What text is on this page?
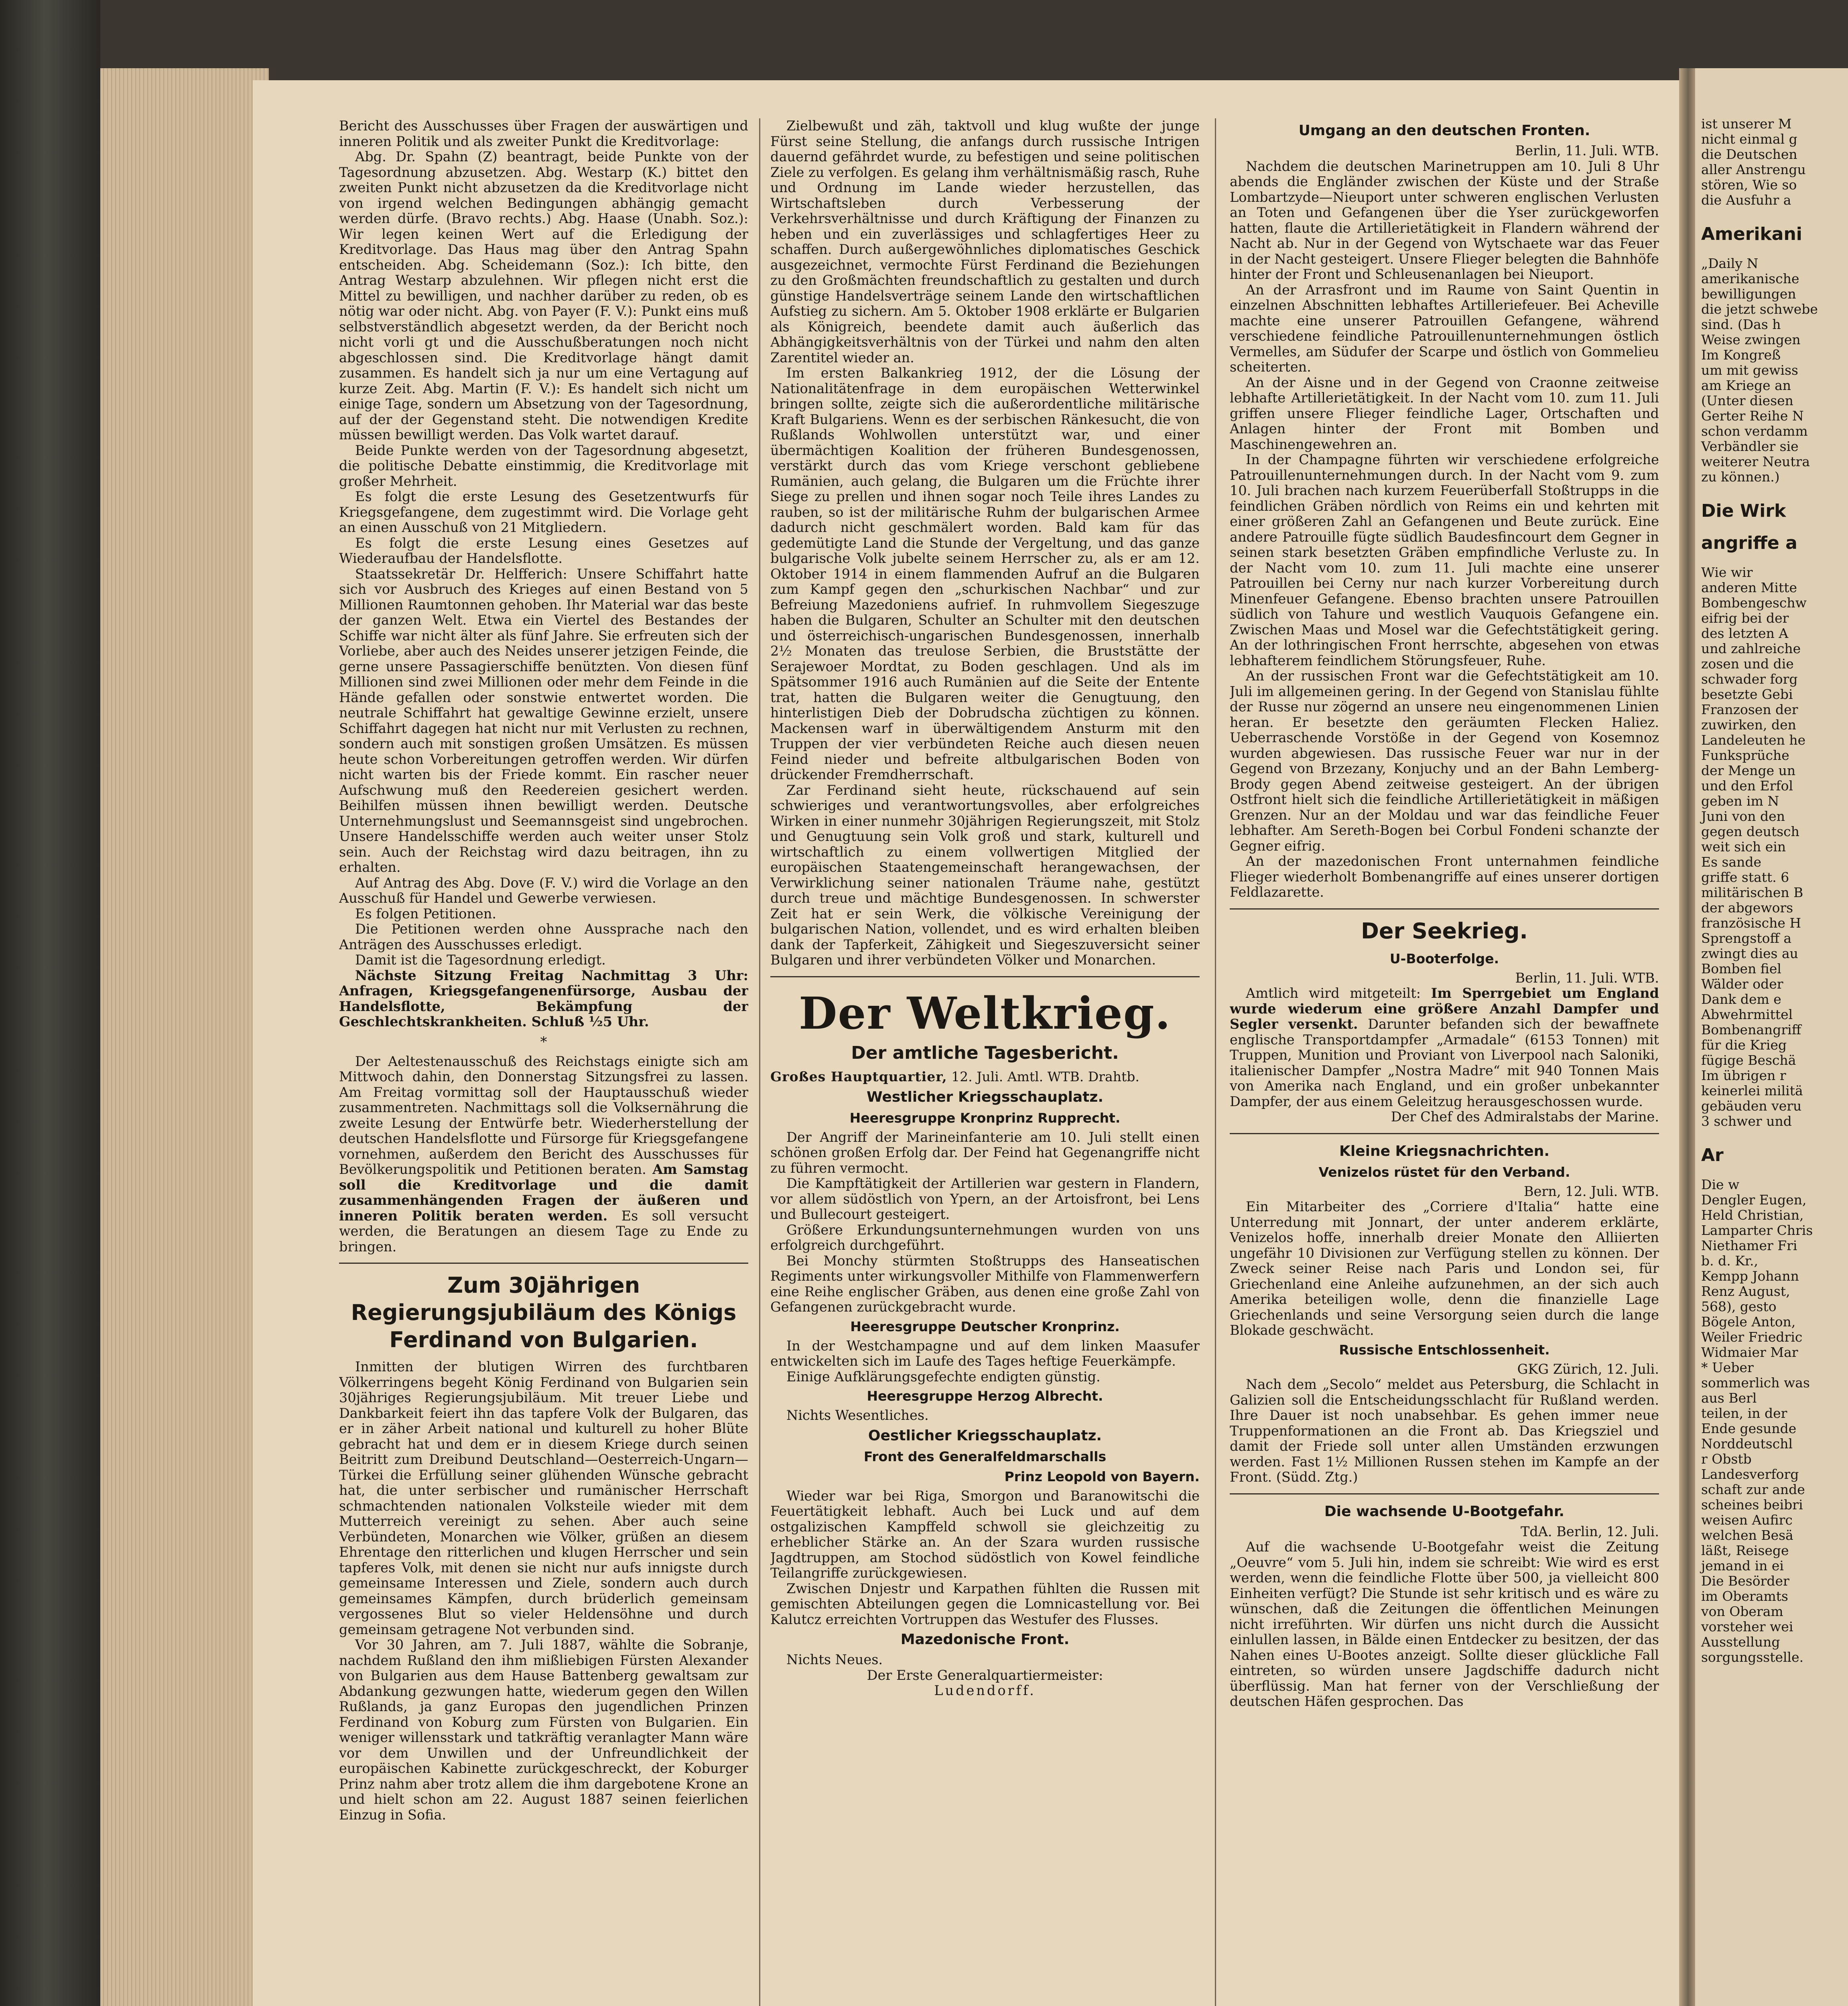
Bericht des Ausschusses über Fragen der auswärtigen und inneren Politik und als zweiter Punkt die Kreditvorlage:

Abg. Dr. Spahn (Z) beantragt, beide Punkte von der Tagesordnung abzusetzen. Abg. Westarp (K.) bittet den zweiten Punkt nicht abzusetzen da die Kreditvorlage nicht von irgend welchen Bedingungen abhängig gemacht werden dürfe. (Bravo rechts.) Abg. Haase (Unabh. Soz.): Wir legen keinen Wert auf die Erledigung der Kreditvorlage. Das Haus mag über den Antrag Spahn entscheiden. Abg. Scheidemann (Soz.): Ich bitte, den Antrag Westarp abzulehnen. Wir pflegen nicht erst die Mittel zu bewilligen, und nachher darüber zu reden, ob es nötig war oder nicht. Abg. von Payer (F. V.): Punkt eins muß selbstverständlich abgesetzt werden, da der Bericht noch nicht vorli gt und die Ausschußberatungen noch nicht abgeschlossen sind. Die Kreditvorlage hängt damit zusammen. Es handelt sich ja nur um eine Vertagung auf kurze Zeit. Abg. Martin (F. V.): Es handelt sich nicht um einige Tage, sondern um Absetzung von der Tagesordnung, auf der der Gegenstand steht. Die notwendigen Kredite müssen bewilligt werden. Das Volk wartet darauf.

Beide Punkte werden von der Tagesordnung abgesetzt, die politische Debatte einstimmig, die Kreditvorlage mit großer Mehrheit.

Es folgt die erste Lesung des Gesetzentwurfs für Kriegsgefangene, dem zugestimmt wird. Die Vorlage geht an einen Ausschuß von 21 Mitgliedern.

Es folgt die erste Lesung eines Gesetzes auf Wiederaufbau der Handelsflotte.

Staatssekretär Dr. Helfferich: Unsere Schiffahrt hatte sich vor Ausbruch des Krieges auf einen Bestand von 5 Millionen Raumtonnen gehoben. Ihr Material war das beste der ganzen Welt. Etwa ein Viertel des Bestandes der Schiffe war nicht älter als fünf Jahre. Sie erfreuten sich der Vorliebe, aber auch des Neides unserer jetzigen Feinde, die gerne unsere Passagierschiffe benützten. Von diesen fünf Millionen sind zwei Millionen oder mehr dem Feinde in die Hände gefallen oder sonstwie entwertet worden. Die neutrale Schiffahrt hat gewaltige Gewinne erzielt, unsere Schiffahrt dagegen hat nicht nur mit Verlusten zu rechnen, sondern auch mit sonstigen großen Umsätzen. Es müssen heute schon Vorbereitungen getroffen werden. Wir dürfen nicht warten bis der Friede kommt. Ein rascher neuer Aufschwung muß den Reedereien gesichert werden. Beihilfen müssen ihnen bewilligt werden. Deutsche Unternehmungslust und Seemannsgeist sind ungebrochen. Unsere Handelsschiffe werden auch weiter unser Stolz sein. Auch der Reichstag wird dazu beitragen, ihn zu erhalten.

Auf Antrag des Abg. Dove (F. V.) wird die Vorlage an den Ausschuß für Handel und Gewerbe verwiesen.

Es folgen Petitionen.

Die Petitionen werden ohne Aussprache nach den Anträgen des Ausschusses erledigt.

Damit ist die Tagesordnung erledigt.

Nächste Sitzung Freitag Nachmittag 3 Uhr: Anfragen, Kriegsgefangenenfürsorge, Ausbau der Handelsflotte, Bekämpfung der Geschlechtskrankheiten. Schluß ½5 Uhr.

*

Der Aeltestenausschuß des Reichstags einigte sich am Mittwoch dahin, den Donnerstag Sitzungsfrei zu lassen. Am Freitag vormittag soll der Hauptausschuß wieder zusammentreten. Nachmittags soll die Volksernährung die zweite Lesung der Entwürfe betr. Wiederherstellung der deutschen Handelsflotte und Fürsorge für Kriegsgefangene vornehmen, außerdem den Bericht des Ausschusses für Bevölkerungspolitik und Petitionen beraten. Am Samstag soll die Kreditvorlage und die damit zusammenhängenden Fragen der äußeren und inneren Politik beraten werden. Es soll versucht werden, die Beratungen an diesem Tage zu Ende zu bringen.

Zum 30jährigen Regierungsjubiläum des Königs Ferdinand von Bulgarien.

Inmitten der blutigen Wirren des furchtbaren Völkerringens begeht König Ferdinand von Bulgarien sein 30jähriges Regierungsjubiläum. Mit treuer Liebe und Dankbarkeit feiert ihn das tapfere Volk der Bulgaren, das er in zäher Arbeit national und kulturell zu hoher Blüte gebracht hat und dem er in diesem Kriege durch seinen Beitritt zum Dreibund Deutschland—Oesterreich-Ungarn—Türkei die Erfüllung seiner glühenden Wünsche gebracht hat, die unter serbischer und rumänischer Herrschaft schmachtenden nationalen Volksteile wieder mit dem Mutterreich vereinigt zu sehen. Aber auch seine Verbündeten, Monarchen wie Völker, grüßen an diesem Ehrentage den ritterlichen und klugen Herrscher und sein tapferes Volk, mit denen sie nicht nur aufs innigste durch gemeinsame Interessen und Ziele, sondern auch durch gemeinsames Kämpfen, durch brüderlich gemeinsam vergossenes Blut so vieler Heldensöhne und durch gemeinsam getragene Not verbunden sind.

Vor 30 Jahren, am 7. Juli 1887, wählte die Sobranje, nachdem Rußland den ihm mißliebigen Fürsten Alexander von Bulgarien aus dem Hause Battenberg gewaltsam zur Abdankung gezwungen hatte, wiederum gegen den Willen Rußlands, ja ganz Europas den jugendlichen Prinzen Ferdinand von Koburg zum Fürsten von Bulgarien. Ein weniger willensstark und tatkräftig veranlagter Mann wäre vor dem Unwillen und der Unfreundlichkeit der europäischen Kabinette zurückgeschreckt, der Koburger Prinz nahm aber trotz allem die ihm dargebotene Krone an und hielt schon am 22. August 1887 seinen feierlichen Einzug in Sofia.

Zielbewußt und zäh, taktvoll und klug wußte der junge Fürst seine Stellung, die anfangs durch russische Intrigen dauernd gefährdet wurde, zu befestigen und seine politischen Ziele zu verfolgen. Es gelang ihm verhältnismäßig rasch, Ruhe und Ordnung im Lande wieder herzustellen, das Wirtschaftsleben durch Verbesserung der Verkehrsverhältnisse und durch Kräftigung der Finanzen zu heben und ein zuverlässiges und schlagfertiges Heer zu schaffen. Durch außergewöhnliches diplomatisches Geschick ausgezeichnet, vermochte Fürst Ferdinand die Beziehungen zu den Großmächten freundschaftlich zu gestalten und durch günstige Handelsverträge seinem Lande den wirtschaftlichen Aufstieg zu sichern. Am 5. Oktober 1908 erklärte er Bulgarien als Königreich, beendete damit auch äußerlich das Abhängigkeitsverhältnis von der Türkei und nahm den alten Zarentitel wieder an.

Im ersten Balkankrieg 1912, der die Lösung der Nationalitätenfrage in dem europäischen Wetterwinkel bringen sollte, zeigte sich die außerordentliche militärische Kraft Bulgariens. Wenn es der serbischen Ränkesucht, die von Rußlands Wohlwollen unterstützt war, und einer übermächtigen Koalition der früheren Bundesgenossen, verstärkt durch das vom Kriege verschont gebliebene Rumänien, auch gelang, die Bulgaren um die Früchte ihrer Siege zu prellen und ihnen sogar noch Teile ihres Landes zu rauben, so ist der militärische Ruhm der bulgarischen Armee dadurch nicht geschmälert worden. Bald kam für das gedemütigte Land die Stunde der Vergeltung, und das ganze bulgarische Volk jubelte seinem Herrscher zu, als er am 12. Oktober 1914 in einem flammenden Aufruf an die Bulgaren zum Kampf gegen den „schurkischen Nachbar“ und zur Befreiung Mazedoniens aufrief. In ruhmvollem Siegeszuge haben die Bulgaren, Schulter an Schulter mit den deutschen und österreichisch-ungarischen Bundesgenossen, innerhalb 2½ Monaten das treulose Serbien, die Bruststätte der Serajewoer Mordtat, zu Boden geschlagen. Und als im Spätsommer 1916 auch Rumänien auf die Seite der Entente trat, hatten die Bulgaren weiter die Genugtuung, den hinterlistigen Dieb der Dobrudscha züchtigen zu können. Mackensen warf in überwältigendem Ansturm mit den Truppen der vier verbündeten Reiche auch diesen neuen Feind nieder und befreite altbulgarischen Boden von drückender Fremdherrschaft.

Zar Ferdinand sieht heute, rückschauend auf sein schwieriges und verantwortungsvolles, aber erfolgreiches Wirken in einer nunmehr 30jährigen Regierungszeit, mit Stolz und Genugtuung sein Volk groß und stark, kulturell und wirtschaftlich zu einem vollwertigen Mitglied der europäischen Staatengemeinschaft herangewachsen, der Verwirklichung seiner nationalen Träume nahe, gestützt durch treue und mächtige Bundesgenossen. In schwerster Zeit hat er sein Werk, die völkische Vereinigung der bulgarischen Nation, vollendet, und es wird erhalten bleiben dank der Tapferkeit, Zähigkeit und Siegeszuversicht seiner Bulgaren und ihrer verbündeten Völker und Monarchen.

Der Weltkrieg.
Der amtliche Tagesbericht.

Großes Hauptquartier, 12. Juli. Amtl. WTB. Drahtb.

Westlicher Kriegsschauplatz.
Heeresgruppe Kronprinz Rupprecht.

Der Angriff der Marineinfanterie am 10. Juli stellt einen schönen großen Erfolg dar. Der Feind hat Gegenangriffe nicht zu führen vermocht.

Die Kampftätigkeit der Artillerien war gestern in Flandern, vor allem südöstlich von Ypern, an der Artoisfront, bei Lens und Bullecourt gesteigert.

Größere Erkundungsunternehmungen wurden von uns erfolgreich durchgeführt.

Bei Monchy stürmten Stoßtrupps des Hanseatischen Regiments unter wirkungsvoller Mithilfe von Flammenwerfern eine Reihe englischer Gräben, aus denen eine große Zahl von Gefangenen zurückgebracht wurde.

Heeresgruppe Deutscher Kronprinz.

In der Westchampagne und auf dem linken Maasufer entwickelten sich im Laufe des Tages heftige Feuerkämpfe.

Einige Aufklärungsgefechte endigten günstig.

Heeresgruppe Herzog Albrecht.

Nichts Wesentliches.

Oestlicher Kriegsschauplatz.
Front des Generalfeldmarschalls
Prinz Leopold von Bayern.

Wieder war bei Riga, Smorgon und Baranowitschi die Feuertätigkeit lebhaft. Auch bei Luck und auf dem ostgalizischen Kampffeld schwoll sie gleichzeitig zu erheblicher Stärke an. An der Szara wurden russische Jagdtruppen, am Stochod südöstlich von Kowel feindliche Teilangriffe zurückgewiesen.

Zwischen Dnjestr und Karpathen fühlten die Russen mit gemischten Abteilungen gegen die Lomnicastellung vor. Bei Kalutcz erreichten Vortruppen das Westufer des Flusses.

Mazedonische Front.

Nichts Neues.

Der Erste Generalquartiermeister:

Ludendorff.

Umgang an den deutschen Fronten.

Berlin, 11. Juli. WTB.

Nachdem die deutschen Marinetruppen am 10. Juli 8 Uhr abends die Engländer zwischen der Küste und der Straße Lombartzyde—Nieuport unter schweren englischen Verlusten an Toten und Gefangenen über die Yser zurückgeworfen hatten, flaute die Artillerietätigkeit in Flandern während der Nacht ab. Nur in der Gegend von Wytschaete war das Feuer in der Nacht gesteigert. Unsere Flieger belegten die Bahnhöfe hinter der Front und Schleusenanlagen bei Nieuport.

An der Arrasfront und im Raume von Saint Quentin in einzelnen Abschnitten lebhaftes Artilleriefeuer. Bei Acheville machte eine unserer Patrouillen Gefangene, während verschiedene feindliche Patrouillenunternehmungen östlich Vermelles, am Südufer der Scarpe und östlich von Gommelieu scheiterten.

An der Aisne und in der Gegend von Craonne zeitweise lebhafte Artillerietätigkeit. In der Nacht vom 10. zum 11. Juli griffen unsere Flieger feindliche Lager, Ortschaften und Anlagen hinter der Front mit Bomben und Maschinengewehren an.

In der Champagne führten wir verschiedene erfolgreiche Patrouillenunternehmungen durch. In der Nacht vom 9. zum 10. Juli brachen nach kurzem Feuerüberfall Stoßtrupps in die feindlichen Gräben nördlich von Reims ein und kehrten mit einer größeren Zahl an Gefangenen und Beute zurück. Eine andere Patrouille fügte südlich Baudesfincourt dem Gegner in seinen stark besetzten Gräben empfindliche Verluste zu. In der Nacht vom 10. zum 11. Juli machte eine unserer Patrouillen bei Cerny nur nach kurzer Vorbereitung durch Minenfeuer Gefangene. Ebenso brachten unsere Patrouillen südlich von Tahure und westlich Vauquois Gefangene ein. Zwischen Maas und Mosel war die Gefechtstätigkeit gering. An der lothringischen Front herrschte, abgesehen von etwas lebhafterem feindlichem Störungsfeuer, Ruhe.

An der russischen Front war die Gefechtstätigkeit am 10. Juli im allgemeinen gering. In der Gegend von Stanislau fühlte der Russe nur zögernd an unsere neu eingenommenen Linien heran. Er besetzte den geräumten Flecken Haliez. Ueberraschende Vorstöße in der Gegend von Kosemnoz wurden abgewiesen. Das russische Feuer war nur in der Gegend von Brzezany, Konjuchy und an der Bahn Lemberg-Brody gegen Abend zeitweise gesteigert. An der übrigen Ostfront hielt sich die feindliche Artillerietätigkeit in mäßigen Grenzen. Nur an der Moldau und war das feindliche Feuer lebhafter. Am Sereth-Bogen bei Corbul Fondeni schanzte der Gegner eifrig.

An der mazedonischen Front unternahmen feindliche Flieger wiederholt Bombenangriffe auf eines unserer dortigen Feldlazarette.

Der Seekrieg.
U-Booterfolge.

Berlin, 11. Juli. WTB.

Amtlich wird mitgeteilt: Im Sperrgebiet um England wurde wiederum eine größere Anzahl Dampfer und Segler versenkt. Darunter befanden sich der bewaffnete englische Transportdampfer „Armadale“ (6153 Tonnen) mit Truppen, Munition und Proviant von Liverpool nach Saloniki, italienischer Dampfer „Nostra Madre“ mit 940 Tonnen Mais von Amerika nach England, und ein großer unbekannter Dampfer, der aus einem Geleitzug herausgeschossen wurde.

Der Chef des Admiralstabs der Marine.

Kleine Kriegsnachrichten.
Venizelos rüstet für den Verband.

Bern, 12. Juli. WTB.

Ein Mitarbeiter des „Corriere d'Italia“ hatte eine Unterredung mit Jonnart, der unter anderem erklärte, Venizelos hoffe, innerhalb dreier Monate den Alliierten ungefähr 10 Divisionen zur Verfügung stellen zu können. Der Zweck seiner Reise nach Paris und London sei, für Griechenland eine Anleihe aufzunehmen, an der sich auch Amerika beteiligen wolle, denn die finanzielle Lage Griechenlands und seine Versorgung seien durch die lange Blokade geschwächt.

Russische Entschlossenheit.

GKG Zürich, 12. Juli.

Nach dem „Secolo“ meldet aus Petersburg, die Schlacht in Galizien soll die Entscheidungsschlacht für Rußland werden. Ihre Dauer ist noch unabsehbar. Es gehen immer neue Truppenformationen an die Front ab. Das Kriegsziel und damit der Friede soll unter allen Umständen erzwungen werden. Fast 1½ Millionen Russen stehen im Kampfe an der Front. (Südd. Ztg.)

Die wachsende U-Bootgefahr.

TdA. Berlin, 12. Juli.

Auf die wachsende U-Bootgefahr weist die Zeitung „Oeuvre“ vom 5. Juli hin, indem sie schreibt: Wie wird es erst werden, wenn die feindliche Flotte über 500, ja vielleicht 800 Einheiten verfügt? Die Stunde ist sehr kritisch und es wäre zu wünschen, daß die Zeitungen die öffentlichen Meinungen nicht irreführten. Wir dürfen uns nicht durch die Aussicht einlullen lassen, in Bälde einen Entdecker zu besitzen, der das Nahen eines U-Bootes anzeigt. Sollte dieser glückliche Fall eintreten, so würden unsere Jagdschiffe dadurch nicht überflüssig. Man hat ferner von der Verschließung der deutschen Häfen gesprochen. Das

ist unserer M
nicht einmal g
die Deutschen
aller Anstrengu
stören, Wie so
die Ausfuhr a
Amerikani
„Daily N
amerikanische
bewilligungen
die jetzt schwebe
sind. (Das h
Weise zwingen
Im Kongreß
um mit gewiss
am Kriege an
(Unter diesen
Gerter Reihe N
schon verdamm
Verbändler sie
weiterer Neutra
zu können.)
Die Wirk
angriffe a
Wie wir
anderen Mitte
Bombengeschw
eifrig bei der
des letzten A
und zahlreiche
zosen und die
schwader forg
besetzte Gebi
Franzosen der
zuwirken, den
Landeleuten he
Funksprüche
der Menge un
und den Erfol
geben im N
Juni von den
gegen deutsch
weit sich ein
Es sande
griffe statt. 6
militärischen B
der abgewors
französische H
Sprengstoff a
zwingt dies au
Bomben fiel
Wälder oder
Dank dem e
Abwehrmittel
Bombenangriff
für die Krieg
fügige Beschä
Im übrigen r
keinerlei militä
gebäuden veru
3 schwer und
Ar
Die w
Dengler Eugen,
Held Christian,
Lamparter Chris
Niethamer Fri
b. d. Kr.,
Kempp Johann
Renz August,
568), gesto
Bögele Anton,
Weiler Friedric
Widmaier Mar
* Ueber
sommerlich was
aus Berl
teilen, in der
Ende gesunde
Norddeutschl
r Obstb
Landesverforg
schaft zur ande
scheines beibri
weisen Aufirc
welchen Besä
läßt, Reisege
jemand in ei
Die Besörder
im Oberamts
von Oberam
vorsteher wei
Ausstellung
sorgungsstelle.
